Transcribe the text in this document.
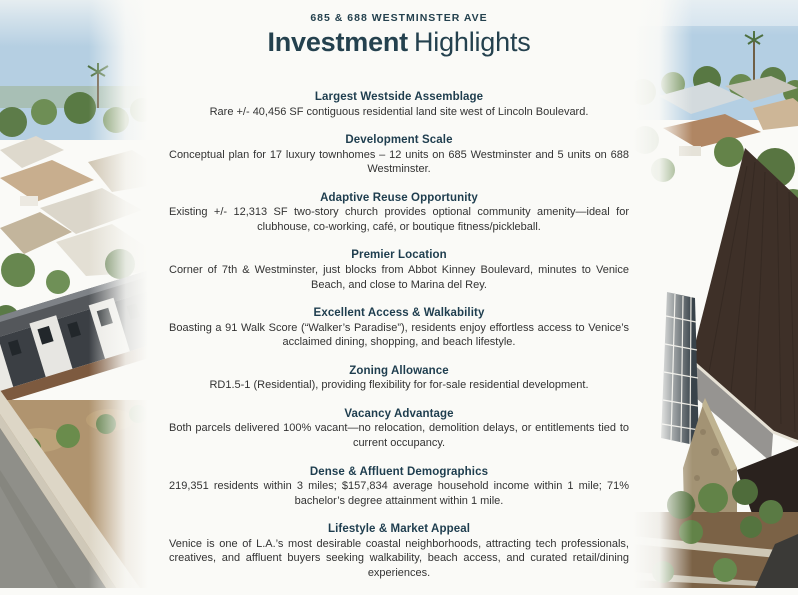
685 & 688 WESTMINSTER AVE
Investment Highlights
Largest Westside Assemblage

Rare +/- 40,456 SF contiguous residential land site west of Lincoln Boulevard.

Development Scale

Conceptual plan for 17 luxury townhomes – 12 units on 685 Westminster and 5 units on 688 Westminster.

Adaptive Reuse Opportunity

Existing +/- 12,313 SF two-story church provides optional community amenity—ideal for clubhouse, co-working, café, or boutique fitness/pickleball.

Premier Location

Corner of 7th & Westminster, just blocks from Abbot Kinney Boulevard, minutes to Venice Beach, and close to Marina del Rey.

Excellent Access & Walkability

Boasting a 91 Walk Score (“Walker’s Paradise”), residents enjoy effortless access to Venice’s acclaimed dining, shopping, and beach lifestyle.

Zoning Allowance

RD1.5-1 (Residential), providing flexibility for for-sale residential development.

Vacancy Advantage

Both parcels delivered 100% vacant—no relocation, demolition delays, or entitlements tied to current occupancy.

Dense & Affluent Demographics

219,351 residents within 3 miles; $157,834 average household income within 1 mile; 71% bachelor’s degree attainment within 1 mile.

Lifestyle & Market Appeal

Venice is one of L.A.’s most desirable coastal neighborhoods, attracting tech professionals, creatives, and affluent buyers seeking walkability, beach access, and curated retail/dining experiences.
